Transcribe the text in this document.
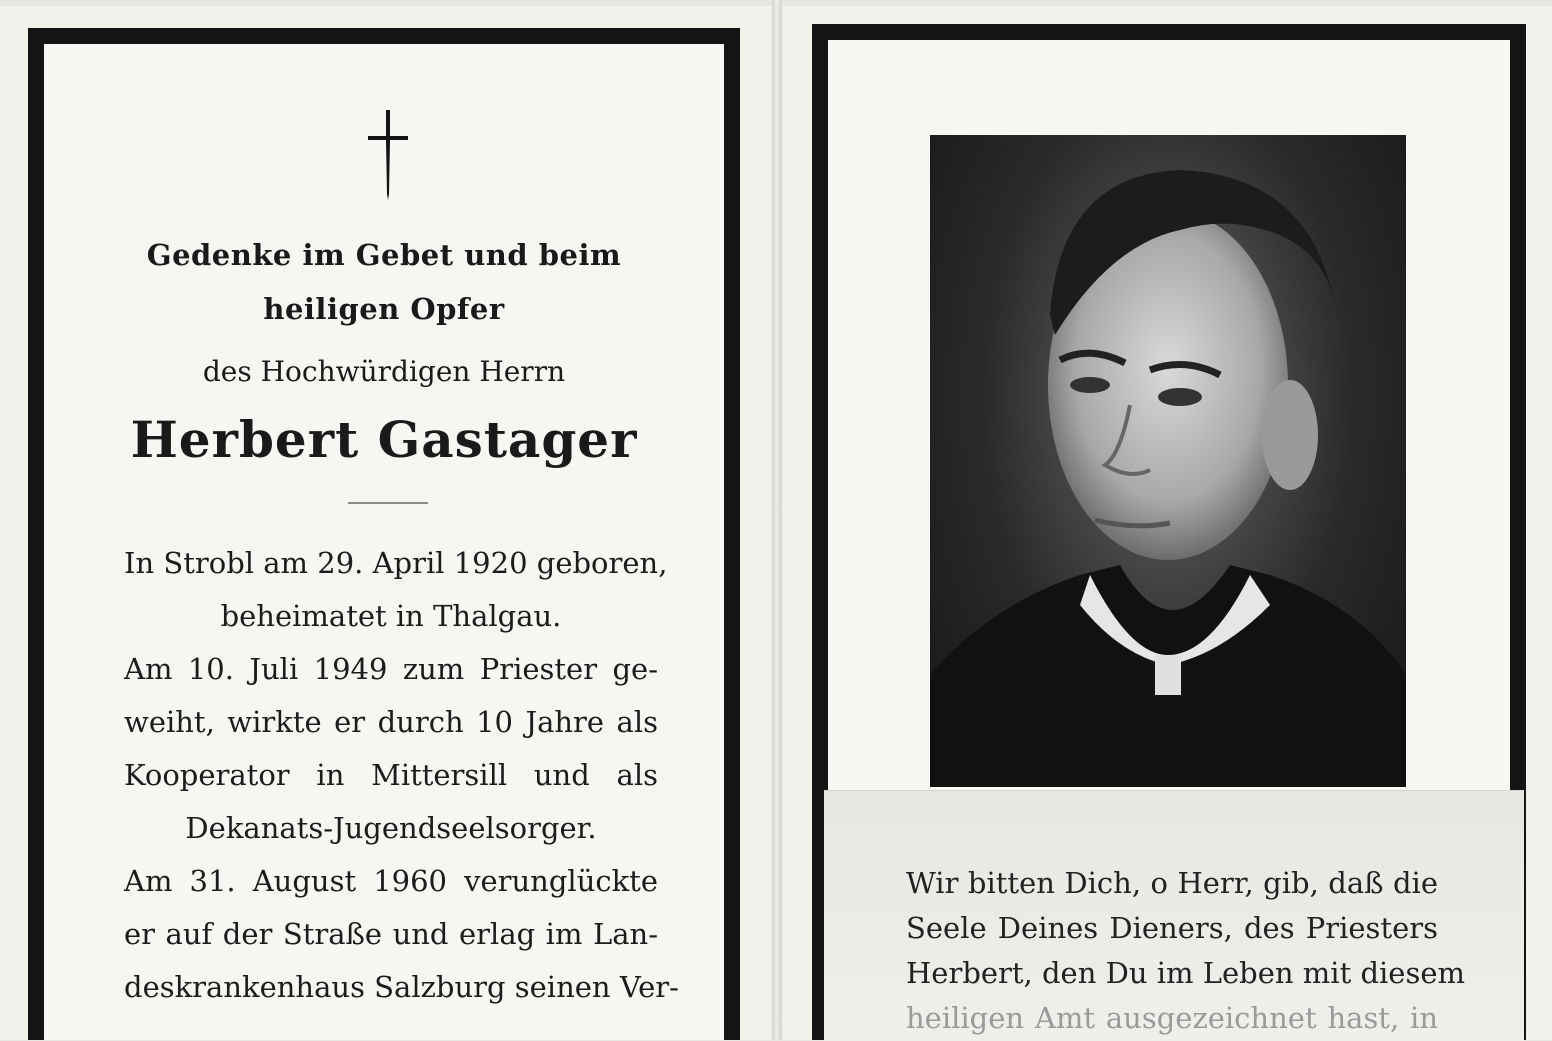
Gedenke im Gebet und beim
heiligen Opfer
des Hochwürdigen Herrn
Herbert Gastager
In Strobl am 29. April 1920 geboren,
beheimatet in Thalgau.
Am 10. Juli 1949 zum Priester ge-
weiht, wirkte er durch 10 Jahre als
Kooperator in Mittersill und als
Dekanats-Jugendseelsorger.
Am 31. August 1960 verunglückte
er auf der Straße und erlag im Lan-
deskrankenhaus Salzburg seinen Ver-
Wir bitten Dich, o Herr, gib, daß die
Seele Deines Dieners, des Priesters
Herbert, den Du im Leben mit diesem
heiligen Amt ausgezeichnet hast, in
